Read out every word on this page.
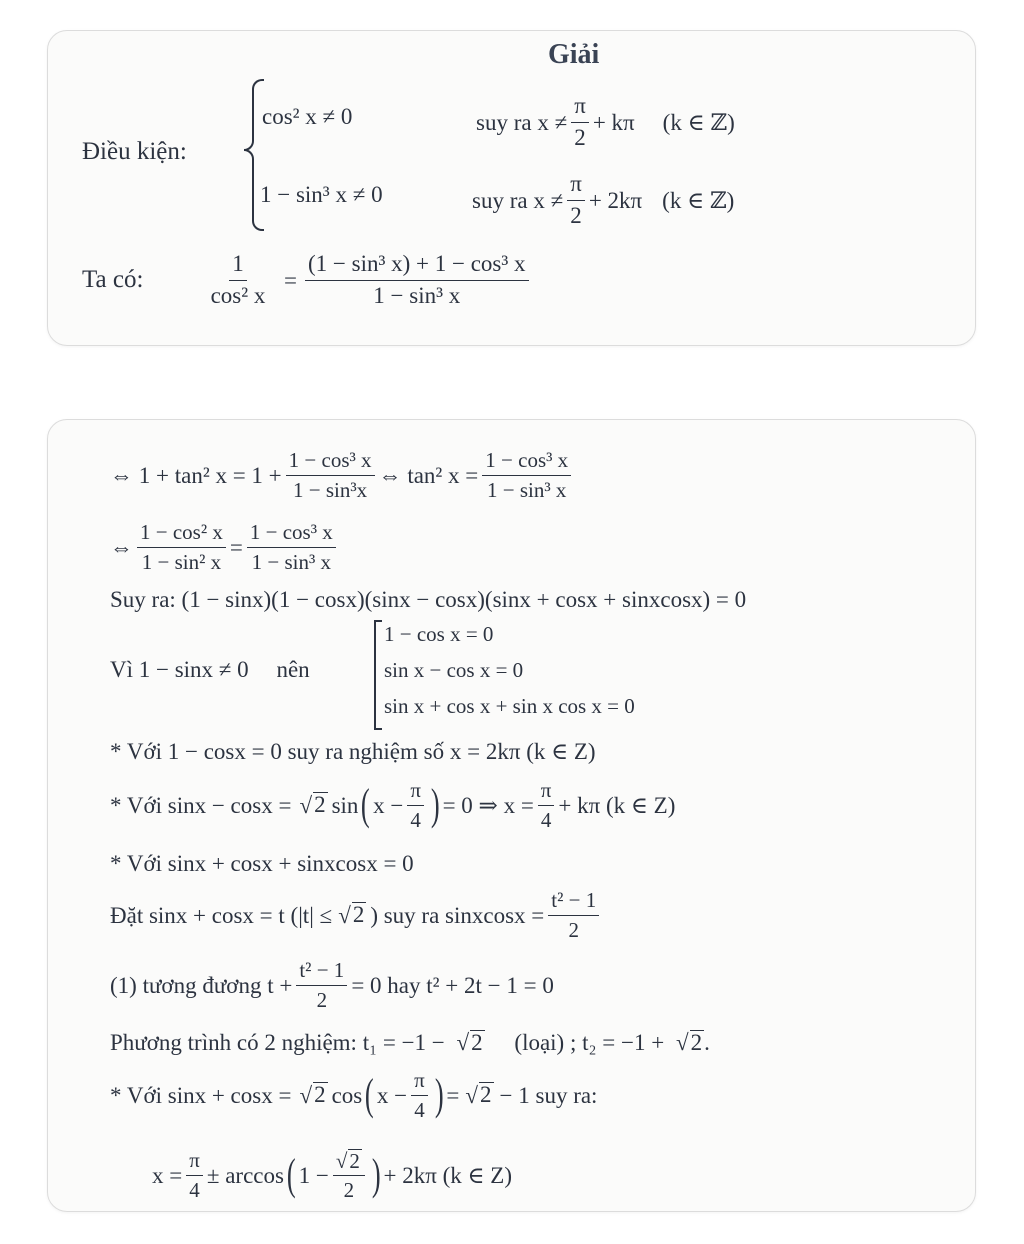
Giải
Điều kiện:
cos² x ≠ 0	suy ra $x \ne \frac{\pi}{2} + k\pi$ (k ∈ ℤ)
1 − sin³ x ≠ 0	suy ra $x \ne \frac{\pi}{2} + 2k\pi$ (k ∈ ℤ)
Ta có: $\frac{1}{\text{cos² x}} = \frac{\text{(1 − sin³ x) + 1 − cos³ x}}{\text{1 − sin³ x}}$
⇔ 1 + tan² $x = 1 + \frac{\text{1 − cos³ x}}{\text{1 − sin³x}}$ ⇔ tan² $x = \frac{\text{1 − cos³ x}}{\text{1 − sin³ x}}$
⇔ $\frac{\text{1 − cos² x}}{\text{1 − sin² x}} = \frac{\text{1 − cos³ x}}{\text{1 − sin³ x}}$
Suy ra: (1 − sinx)(1 − cosx)(sinx − cosx)(sinx + cosx + sinxcosx) = 0
Vì 1 − sinx ≠ 0 nên
1 − cos x = 0
sin x − cos x = 0
sin x + cos x + sin x cos x = 0
* Với 1 − cosx = 0 suy ra nghiệm số x = 2kπ (k ∈ Z)
* Với sinx − cosx = √ 2 sin ( $x - \frac{\pi}{4}$ ) = 0 ⇒ $x = \frac{\pi}{4} + k\pi$ (k ∈ Z)
* Với sinx + cosx + sinxcosx = 0
Đặt sinx + cosx = t (|t| ≤ √ 2 ) suy ra sinxcosx = $\frac{\text{t² − 1}}{2}$
(1) tương đương $t + \frac{\text{t² − 1}}{2} = 0$ hay t² + 2t − 1 = 0
Phương trình có 2 nghiệm: t₁ = −1 − √2 (loại) ; t₂ = −1 + √2.
* Với sinx + cosx = √ 2 cos ( $x - \frac{\pi}{4}$ ) = √ 2 − 1 suy ra:
$x = \frac{\pi}{4} \pm \arccos$ ( $1 - \frac{√2}{2}$ ) + 2kπ (k ∈ Z)
